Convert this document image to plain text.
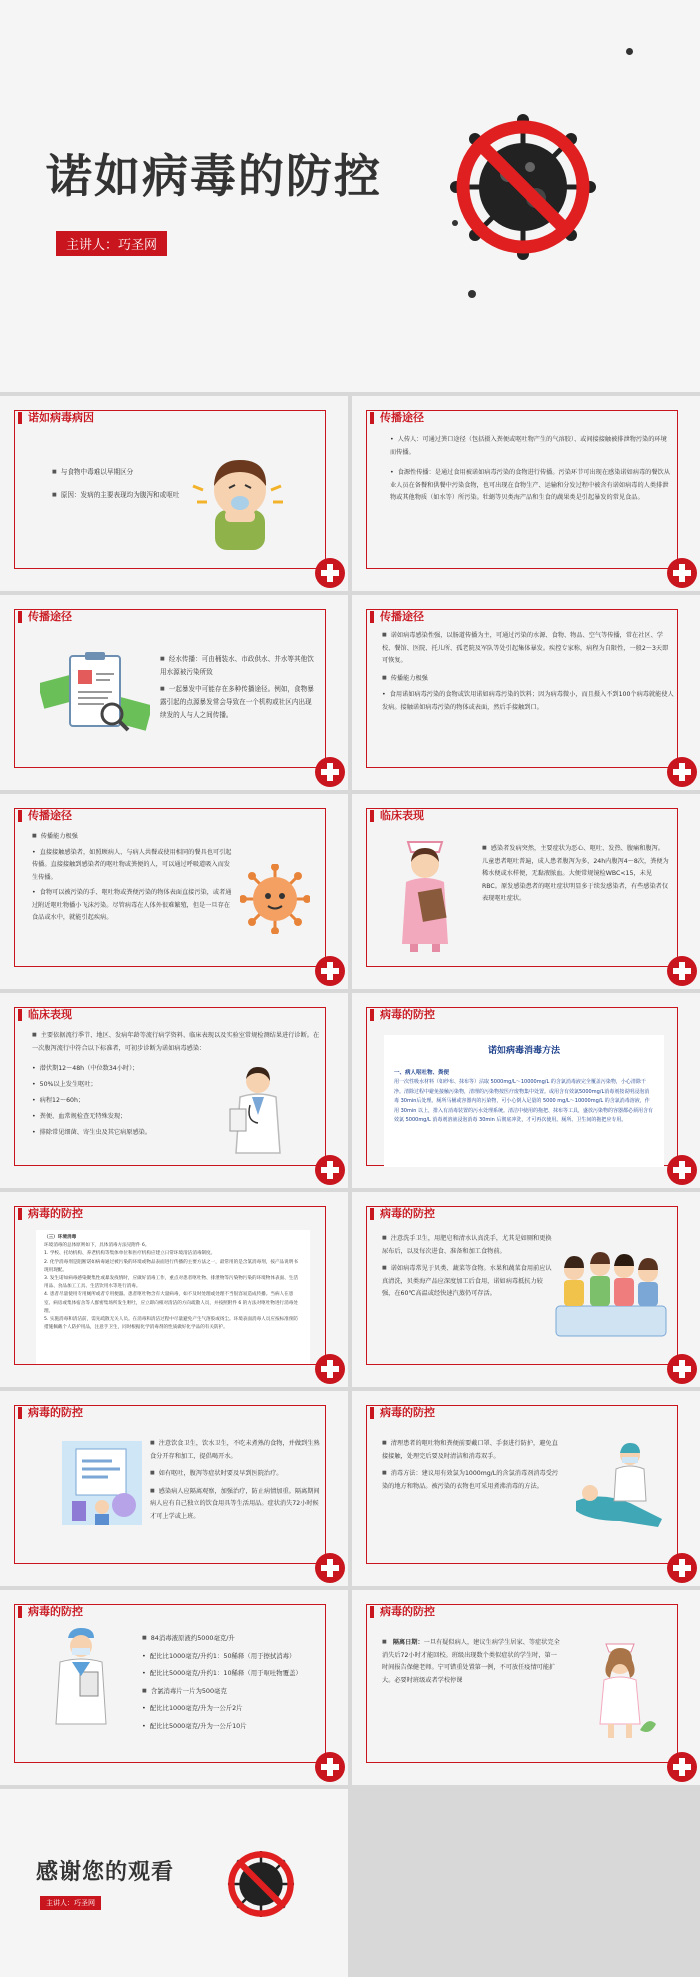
诺如病毒的防控
主讲人：巧圣网
诺如病毒病因

■ 与食物中毒难以早期区分

■ 原因：发病的主要表现均为腹泻和或呕吐

传播途径

• 人传人：可通过粪口途径（包括摄入粪便或呕吐物产生的气溶胶）、或间接接触被排泄物污染的环境而传播。

• 食源性传播：是通过食用被诺如病毒污染的食物进行传播。污染环节可出现在感染诺如病毒的餐饮从业人员在备餐和供餐中污染食物，也可出现在食物生产、运输和分发过程中被含有诺如病毒的人类排泄物或其他物质（如水等）所污染。牡蛎等贝类海产品和生食的蔬果类是引起暴发的常见食品。

传播途径

■ 经水传播：可由桶装水、市政供水、井水等其他饮用水源被污染所致

■ 一起暴发中可能存在多种传播途径。例如，食物暴露引起的点源暴发常会导致在一个机构或社区内出现续发的人与人之间传播。

传播途径

■ 诺如病毒感染性强，以肠道传播为主，可通过污染的水源、食物、物品、空气等传播，常在社区、学校、餐馆、医院、托儿所、孤老院及军队等处引起集体暴发。疾控专家称，病程为自限性，一般2～3天即可恢复。

■ 传播能力极强

• 食用诺如病毒污染的食物或饮用诺如病毒污染的饮料；因为病毒微小，而且摄入不到100个病毒就能使人发病。接触诺如病毒污染的物体或表面，然后手接触到口。

传播途径

■ 传播能力极强

• 直接接触感染者，如照顾病人、与病人共餐或使用相同的餐具也可引起传播。直接接触到感染者的呕吐物或粪便的人，可以通过呼吸道吸入而发生传播。

• 食物可以被污染的手、呕吐物或粪便污染的物体表面直接污染，或者通过附近呕吐物播小飞沫污染。尽管病毒在人体外很难繁殖，但是一旦存在食品或水中，就能引起疾病。

临床表现

■ 感染者发病突然，主要症状为恶心、呕吐、发热、腹痛和腹泻。儿童患者呕吐普遍，成人患者腹泻为多，24h内腹泻4～8次，粪便为稀水便或水样便，无黏液脓血。大便常规镜检WBC<15，未见RBC。原发感染患者的呕吐症状明显多于续发感染者，有些感染者仅表现呕吐症状。

临床表现

■ 主要依据流行季节、地区、发病年龄等流行病学资料、临床表现以及实验室常规检测结果进行诊断。在一次腹泻流行中符合以下标准者，可初步诊断为诺如病毒感染：

• 潜伏期12～48h（中位数34小时）；

• 50%以上发生呕吐；

• 病程12～60h；

• 粪便、血常规检查无特殊发现；

• 排除常见细菌、寄生虫及其它病原感染。

病毒的防控
诺如病毒消毒方法
一、病人呕吐物、粪便
用一次性吸水材料（如纱布、抹布等）沾取 5000mg/L～10000mg/L 的含氯消毒液完全覆盖污染物，小心清除干净。清除过程中避免接触污染物，清理的污染物按医疗废物集中处置。或用含有效氯5000mg/L消毒剂按说明浸泡消毒 30min后处理。厕所马桶或容器内的污染物，可小心倒入足量的 5000 mg/L～10000mg/L 的含氯消毒溶液，作用 30min 以上，排入有消毒装置的污水处理系统。清洁中使用的拖把、抹布等工具，盛放污染物的容器都必须用含有效氯 5000mg/L 消毒剂溶液浸泡消毒 30min 后彻底冲洗，才可再次使用。厕所、卫生间的拖把应专用。
病毒的防控
（三）环境消毒
环境消毒的总体原则如下，具体消毒方法见附件 6。
1. 学校、托幼机构、养老机构等集体单位和医疗机构应建立日常环境清洁消毒制度。
2. 化学消毒剂是阻断诺如病毒通过被污染的环境或物品表面进行传播的主要方法之一，最常用的是含氯消毒剂，按产品说明书现用现配。
3. 发生诺如病毒感染聚集性或暴发疫情时，应做好消毒工作，重点对患者呕吐物、排泄物等污染物污染的环境物体表面、生活用品、食品加工工具、生活饮用水等进行消毒。
4. 患者尽量使用专用厕所或者专用便器。患者呕吐物含有大量病毒，如不及时处理或处理不当很容易造成传播。当病人在患室、病房或集体宿舍等人群密集场所发生呕吐，应立即向相对清洁的方向疏散人员，并按照附件 6 的方法对呕吐物进行消毒处理。
5. 实施消毒和清洁前，需先疏散无关人员。在消毒和清洁过程中尽量避免产生气溶胶或扬尘。环境表面消毒人员应按标准预防措施佩戴个人防护用品，注意手卫生，同时根据化学消毒剂的性质做好化学品的有关防护。
病毒的防控

■ 注意洗手卫生，用肥皂和清水认真洗手，尤其是如厕和更换尿布后，以及每次进食、准备和加工食物前。

■ 诺如病毒常见于贝类、蔬菜等食物。水果和蔬菜食用前应认真清洗，贝类海产品应深度加工后食用，诺如病毒抵抗力较强，在60℃高温或经快速汽蒸仍可存活。

病毒的防控

■ 注意饮食卫生，饮水卫生，不吃未煮熟的食物，并做到生熟食分开存和加工，提倡喝开水。

■ 如有呕吐，腹泻等症状时要及早到医院治疗。

■ 感染病人应隔离观察，加强治疗，防止病情加重。隔离期间病人应有自己独立的饮食用具等生活用品。症状消失72小时候才可上学或上班。

病毒的防控

■ 清理患者的呕吐物和粪便前要戴口罩、手套进行防护，避免直接接触，处理完后要及时清洁和消毒双手。

■ 消毒方法：建议用有效氯为1000mg/L的含氯消毒剂消毒受污染的地方和物品。被污染的衣物也可采用煮沸消毒的方法。

病毒的防控

■ 84消毒液原液约5000毫克/升

• 配比比1000毫克/升约1：50稀释（用于擦拭消毒）

• 配比比5000毫克/升约1：10稀释（用于呕吐物覆盖）

■ 含氯消毒片一片为500毫克

• 配比比1000毫克/升为一公斤2片

• 配比比5000毫克/升为一公斤10片

病毒的防控
■ 隔离日期：一旦有疑似病人，建议生病学生居家、等症状完全消失后72小时才能回校。班级出现数个类似症状的学生时，第一时间报告保健老师。宁可错重处置第一例，不可放任疫情可能扩大。必要时班级或者学校停课
感谢您的观看
主讲人：巧圣网
